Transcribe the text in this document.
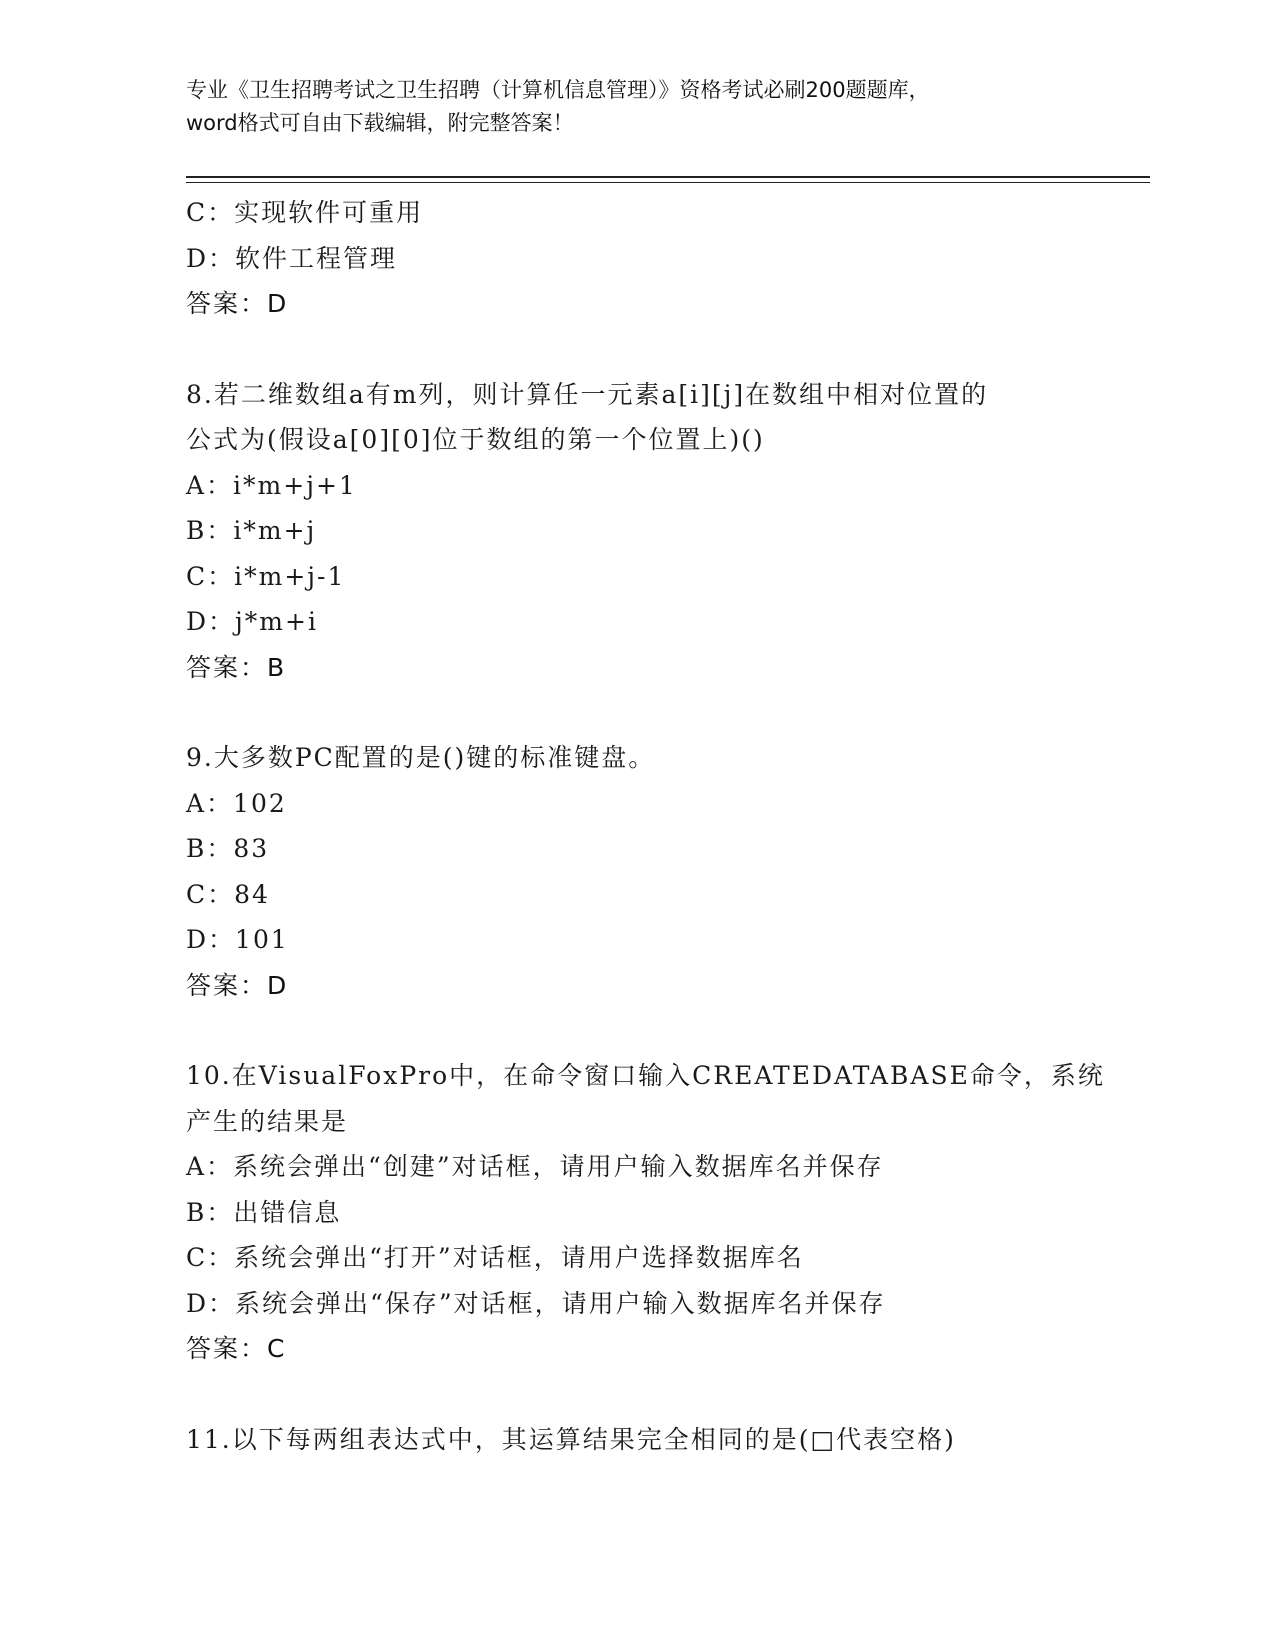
专业《卫生招聘考试之卫生招聘（计算机信息管理）》资格考试必刷200题题库，
word格式可自由下载编辑，附完整答案！
C：实现软件可重用
D：软件工程管理
答案：D
8.若二维数组a有m列，则计算任一元素a[i][j]在数组中相对位置的
公式为(假设a[0][0]位于数组的第一个位置上)()
A：i*m+j+1
B：i*m+j
C：i*m+j-1
D：j*m+i
答案：B
9.大多数PC配置的是()键的标准键盘。
A：102
B：83
C：84
D：101
答案：D
10.在VisualFoxPro中，在命令窗口输入CREATEDATABASE命令，系统
产生的结果是
A：系统会弹出“创建”对话框，请用户输入数据库名并保存
B：出错信息
C：系统会弹出“打开”对话框，请用户选择数据库名
D：系统会弹出“保存”对话框，请用户输入数据库名并保存
答案：C
11.以下每两组表达式中，其运算结果完全相同的是(□代表空格)
